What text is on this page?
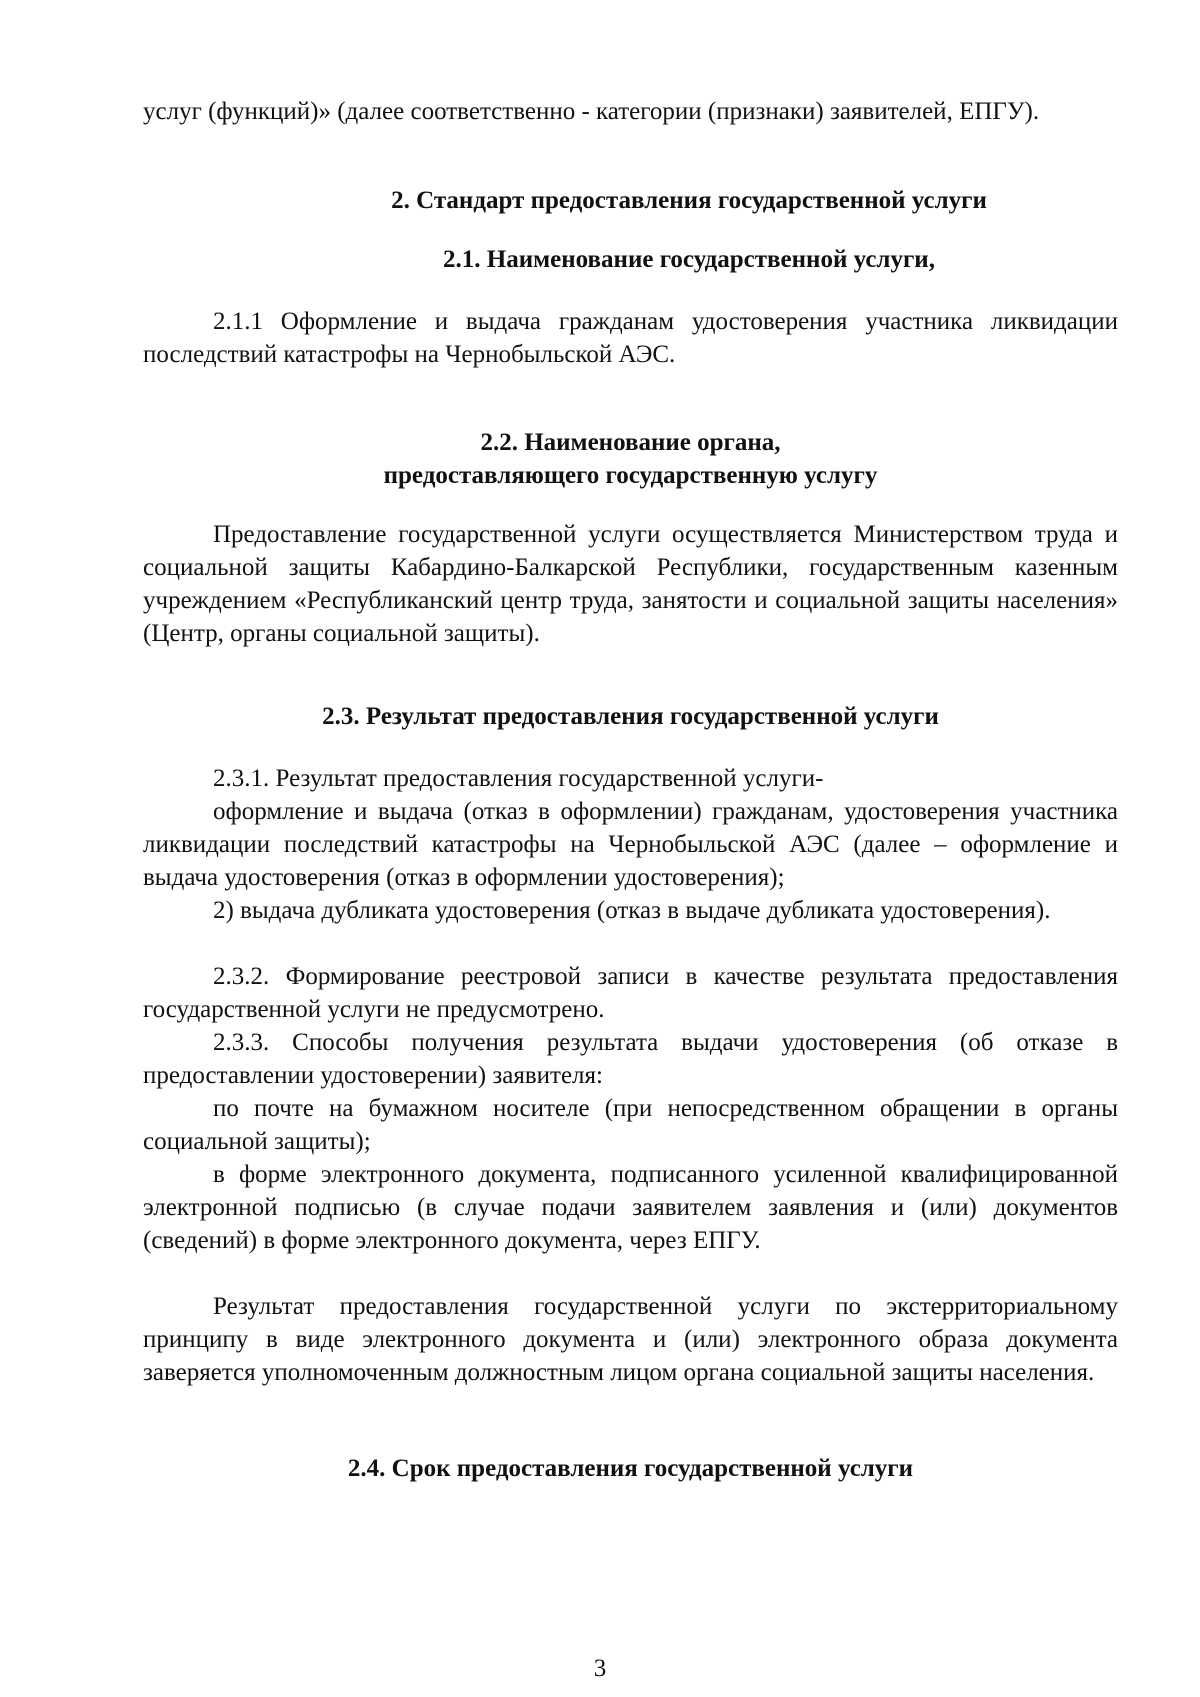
услуг (функций)» (далее соответственно - категории (признаки) заявителей, ЕПГУ).

2. Стандарт предоставления государственной услуги
2.1. Наименование государственной услуги,

2.1.1 Оформление и выдача гражданам удостоверения участника ликвидации последствий катастрофы на Чернобыльской АЭС.

2.2. Наименование органа,
предоставляющего государственную услугу

Предоставление государственной услуги осуществляется Министерством труда и социальной защиты Кабардино-Балкарской Республики, государственным казенным учреждением «Республиканский центр труда, занятости и социальной защиты населения» (Центр, органы социальной защиты).

2.3. Результат предоставления государственной услуги

2.3.1. Результат предоставления государственной услуги-

оформление и выдача (отказ в оформлении) гражданам, удостоверения участника ликвидации последствий катастрофы на Чернобыльской АЭС (далее – оформление и выдача удостоверения (отказ в оформлении удостоверения);

2) выдача дубликата удостоверения (отказ в выдаче дубликата удостоверения).

2.3.2. Формирование реестровой записи в качестве результата предоставления государственной услуги не предусмотрено.

2.3.3. Способы получения результата выдачи удостоверения (об отказе в предоставлении удостоверении) заявителя:

по почте на бумажном носителе (при непосредственном обращении в органы социальной защиты);

в форме электронного документа, подписанного усиленной квалифицированной электронной подписью (в случае подачи заявителем заявления и (или) документов (сведений) в форме электронного документа, через ЕПГУ.

Результат предоставления государственной услуги по экстерриториальному принципу в виде электронного документа и (или) электронного образа документа заверяется уполномоченным должностным лицом органа социальной защиты населения.

2.4. Срок предоставления государственной услуги
3
